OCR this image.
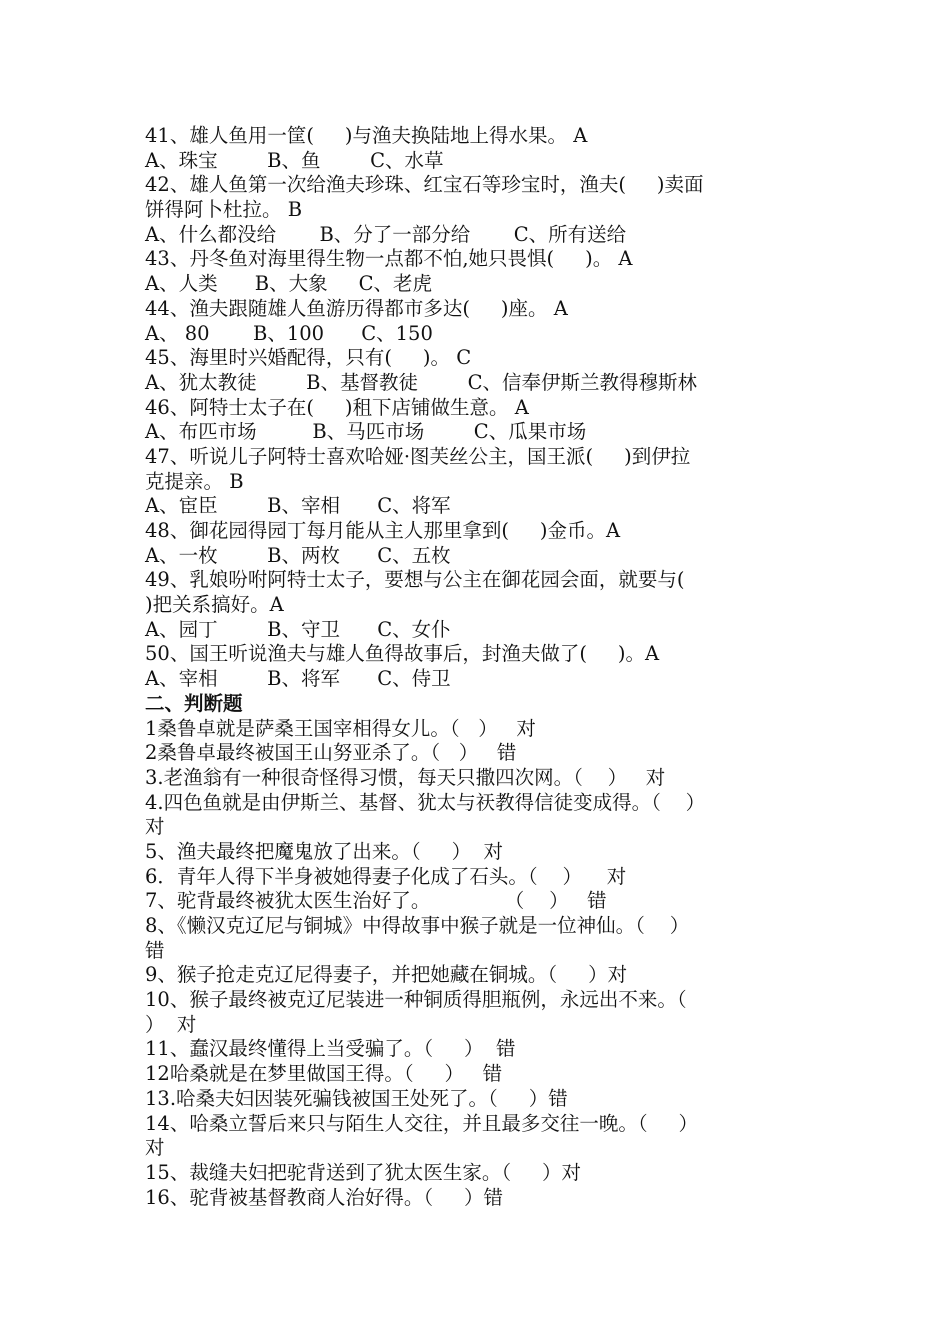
41、雄人鱼用一筐(     )与渔夫换陆地上得水果。 A
A、珠宝        B、鱼        C、水草
42、雄人鱼第一次给渔夫珍珠、红宝石等珍宝时，渔夫(     )卖面
饼得阿卜杜拉。 B
A、什么都没给       B、分了一部分给       C、所有送给
43、丹冬鱼对海里得生物一点都不怕,她只畏惧(     )。 A
A、人类      B、大象     C、老虎
44、渔夫跟随雄人鱼游历得都市多达(     )座。 A
A、 80       B、100      C、150
45、海里时兴婚配得，只有(     )。 C
A、犹太教徒        B、基督教徒        C、信奉伊斯兰教得穆斯林
46、阿特士太子在(     )租下店铺做生意。 A
A、布匹市场         B、马匹市场        C、瓜果市场
47、听说儿子阿特士喜欢哈娅·图芙丝公主，国王派(     )到伊拉
克提亲。 B
A、宦臣        B、宰相      C、将军
48、御花园得园丁每月能从主人那里拿到(     )金币。A
A、一枚        B、两枚      C、五枚
49、乳娘吩咐阿特士太子，要想与公主在御花园会面，就要与(
)把关系搞好。A
A、园丁        B、守卫      C、女仆
50、国王听说渔夫与雄人鱼得故事后，封渔夫做了(     )。A
A、宰相        B、将军      C、侍卫
二、判断题
1桑鲁卓就是萨桑王国宰相得女儿。（   ）   对
2桑鲁卓最终被国王山努亚杀了。（   ）   错
3.老渔翁有一种很奇怪得习惯，每天只撒四次网。（    ）   对
4.四色鱼就是由伊斯兰、基督、犹太与祆教得信徒变成得。（    ）
对
5、渔夫最终把魔鬼放了出来。（     ）  对
6．青年人得下半身被她得妻子化成了石头。（    ）    对
7、驼背最终被犹太医生治好了。            （    ）   错
8、《懒汉克辽尼与铜城》中得故事中猴子就是一位神仙。（    ）
错
9、猴子抢走克辽尼得妻子，并把她藏在铜城。（     ）对
10、猴子最终被克辽尼装进一种铜质得胆瓶例，永远出不来。（
）  对
11、蠢汉最终懂得上当受骗了。（     ）  错
12哈桑就是在梦里做国王得。（     ）   错
13.哈桑夫妇因装死骗钱被国王处死了。（     ）错
14、哈桑立誓后来只与陌生人交往，并且最多交往一晚。（     ）
对
15、裁缝夫妇把驼背送到了犹太医生家。（     ）对
16、驼背被基督教商人治好得。（     ）错
